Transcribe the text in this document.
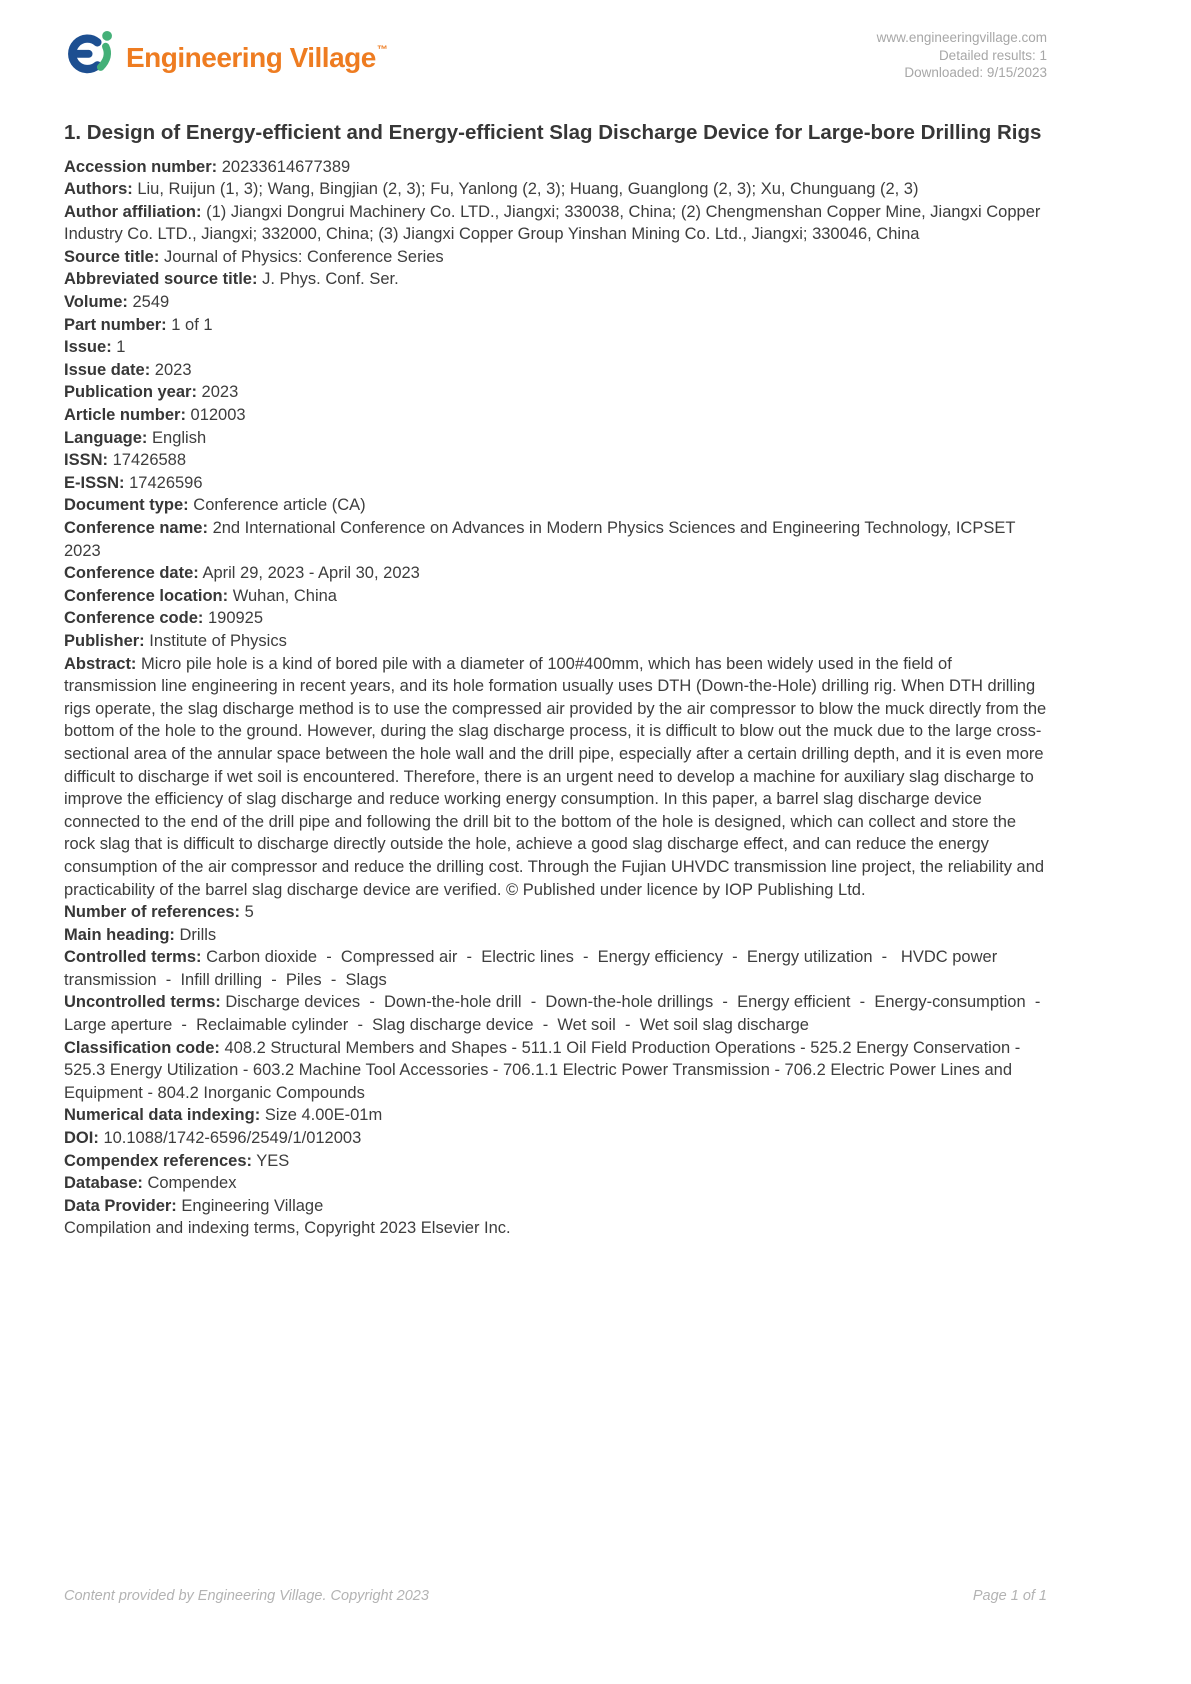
Engineering Village™
www.engineeringvillage.com
Detailed results: 1
Downloaded: 9/15/2023
1. Design of Energy-efficient and Energy-efficient Slag Discharge Device for Large-bore Drilling Rigs
Accession number: 20233614677389
Authors: Liu, Ruijun (1, 3); Wang, Bingjian (2, 3); Fu, Yanlong (2, 3); Huang, Guanglong (2, 3); Xu, Chunguang (2, 3)
Author affiliation: (1) Jiangxi Dongrui Machinery Co. LTD., Jiangxi; 330038, China; (2) Chengmenshan Copper Mine, Jiangxi Copper Industry Co. LTD., Jiangxi; 332000, China; (3) Jiangxi Copper Group Yinshan Mining Co. Ltd., Jiangxi; 330046, China
Source title: Journal of Physics: Conference Series
Abbreviated source title: J. Phys. Conf. Ser.
Volume: 2549
Part number: 1 of 1
Issue: 1
Issue date: 2023
Publication year: 2023
Article number: 012003
Language: English
ISSN: 17426588
E-ISSN: 17426596
Document type: Conference article (CA)
Conference name: 2nd International Conference on Advances in Modern Physics Sciences and Engineering Technology, ICPSET 2023
Conference date: April 29, 2023 - April 30, 2023
Conference location: Wuhan, China
Conference code: 190925
Publisher: Institute of Physics
Abstract: Micro pile hole is a kind of bored pile with a diameter of 100#400mm, which has been widely used in the field of transmission line engineering in recent years, and its hole formation usually uses DTH (Down-the-Hole) drilling rig. When DTH drilling rigs operate, the slag discharge method is to use the compressed air provided by the air compressor to blow the muck directly from the bottom of the hole to the ground. However, during the slag discharge process, it is difficult to blow out the muck due to the large cross-sectional area of the annular space between the hole wall and the drill pipe, especially after a certain drilling depth, and it is even more difficult to discharge if wet soil is encountered. Therefore, there is an urgent need to develop a machine for auxiliary slag discharge to improve the efficiency of slag discharge and reduce working energy consumption. In this paper, a barrel slag discharge device connected to the end of the drill pipe and following the drill bit to the bottom of the hole is designed, which can collect and store the rock slag that is difficult to discharge directly outside the hole, achieve a good slag discharge effect, and can reduce the energy consumption of the air compressor and reduce the drilling cost. Through the Fujian UHVDC transmission line project, the reliability and practicability of the barrel slag discharge device are verified. © Published under licence by IOP Publishing Ltd.
Number of references: 5
Main heading: Drills
Controlled terms: Carbon dioxide  -  Compressed air  -  Electric lines  -  Energy efficiency  -  Energy utilization  -   HVDC power transmission  -  Infill drilling  -  Piles  -  Slags
Uncontrolled terms: Discharge devices  -  Down-the-hole drill  -  Down-the-hole drillings  -  Energy efficient  -  Energy-consumption  -  Large aperture  -  Reclaimable cylinder  -  Slag discharge device  -  Wet soil  -  Wet soil slag discharge
Classification code: 408.2 Structural Members and Shapes - 511.1 Oil Field Production Operations - 525.2 Energy Conservation - 525.3 Energy Utilization - 603.2 Machine Tool Accessories - 706.1.1 Electric Power Transmission - 706.2 Electric Power Lines and Equipment - 804.2 Inorganic Compounds
Numerical data indexing: Size 4.00E-01m
DOI: 10.1088/1742-6596/2549/1/012003
Compendex references: YES
Database: Compendex
Data Provider: Engineering Village
Compilation and indexing terms, Copyright 2023 Elsevier Inc.
Content provided by Engineering Village. Copyright 2023	Page 1 of 1
